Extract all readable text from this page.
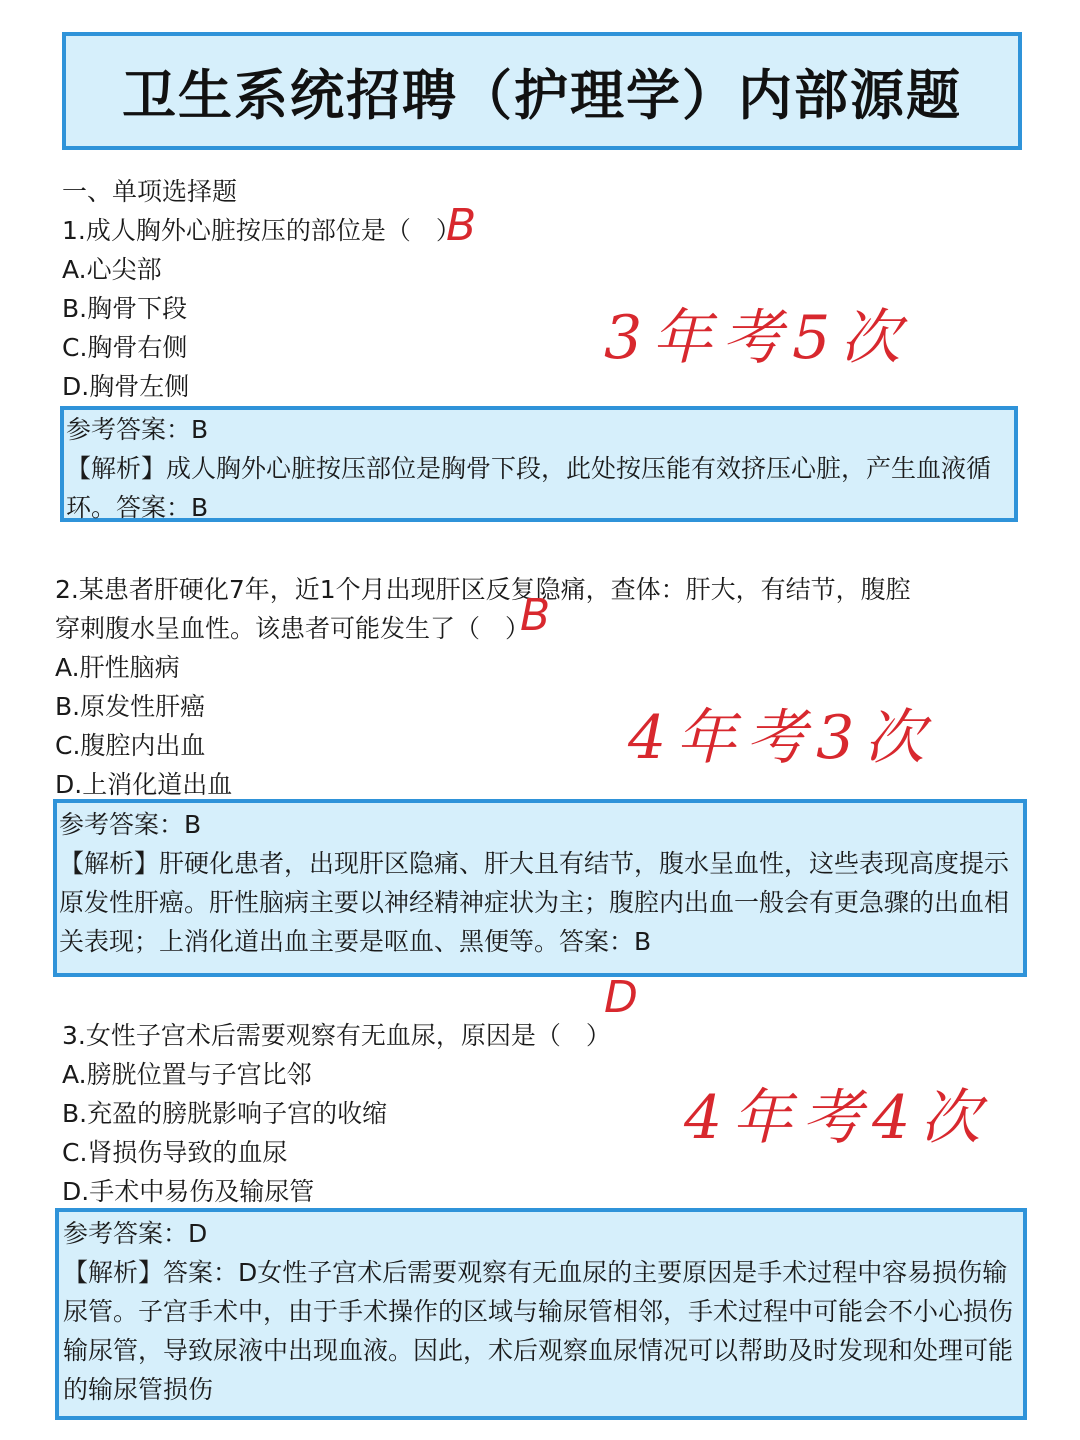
卫生系统招聘（护理学）内部源题
一、单项选择题
1.成人胸外心脏按压的部位是（　）
A.心尖部
B.胸骨下段
C.胸骨右侧
D.胸骨左侧
参考答案：B
【解析】成人胸外心脏按压部位是胸骨下段，此处按压能有效挤压心脏，产生血液循环。答案：B
B
3年考5次
2.某患者肝硬化7年，近1个月出现肝区反复隐痛，查体：肝大，有结节，腹腔
穿刺腹水呈血性。该患者可能发生了（　）
A.肝性脑病
B.原发性肝癌
C.腹腔内出血
D.上消化道出血
参考答案：B
【解析】肝硬化患者，出现肝区隐痛、肝大且有结节，腹水呈血性，这些表现高度提示原发性肝癌。肝性脑病主要以神经精神症状为主；腹腔内出血一般会有更急骤的出血相关表现；上消化道出血主要是呕血、黑便等。答案：B
B
4年考3次
3.女性子宫术后需要观察有无血尿，原因是（　）
A.膀胱位置与子宫比邻
B.充盈的膀胱影响子宫的收缩
C.肾损伤导致的血尿
D.手术中易伤及输尿管
参考答案：D
【解析】答案：D女性子宫术后需要观察有无血尿的主要原因是手术过程中容易损伤输尿管。子宫手术中，由于手术操作的区域与输尿管相邻，手术过程中可能会不小心损伤输尿管，导致尿液中出现血液。因此，术后观察血尿情况可以帮助及时发现和处理可能的输尿管损伤
D
4年考4次
